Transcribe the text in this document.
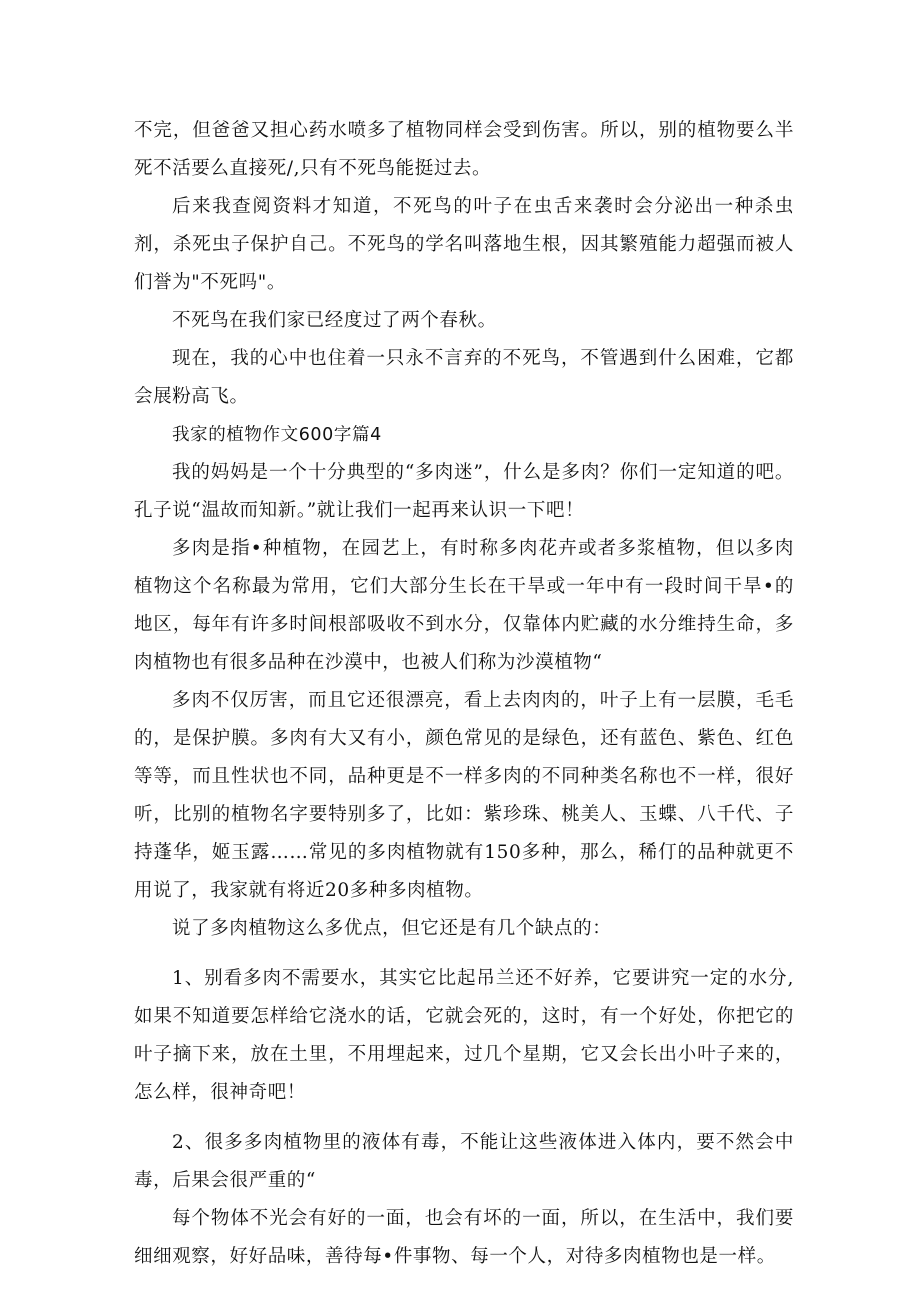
不完，但爸爸又担心药水喷多了植物同样会受到伤害。所以，别的植物要么半死不活要么直接死/,只有不死鸟能挺过去。

后来我查阅资料才知道，不死鸟的叶子在虫舌来袭时会分泌出一种杀虫剂，杀死虫子保护自己。不死鸟的学名叫落地生根，因其繁殖能力超强而被人们誉为"不死吗"。

不死鸟在我们家已经度过了两个春秋。

现在，我的心中也住着一只永不言弃的不死鸟，不管遇到什么困难，它都会展粉高飞。

我家的植物作文600字篇4

我的妈妈是一个十分典型的“多肉迷”，什么是多肉？你们一定知道的吧。孔子说“温故而知新。”就让我们一起再来认识一下吧！

多肉是指•种植物，在园艺上，有时称多肉花卉或者多浆植物，但以多肉植物这个名称最为常用，它们大部分生长在干旱或一年中有一段时间干旱•的地区，每年有许多时间根部吸收不到水分，仅靠体内贮藏的水分维持生命，多肉植物也有很多品种在沙漠中，也被人们称为沙漠植物“

多肉不仅厉害，而且它还很漂亮，看上去肉肉的，叶子上有一层膜，毛毛的，是保护膜。多肉有大又有小，颜色常见的是绿色，还有蓝色、紫色、红色等等，而且性状也不同，品种更是不一样多肉的不同种类名称也不一样，很好听，比别的植物名字要特别多了，比如：紫珍珠、桃美人、玉蝶、八千代、子持蓬华，姬玉露……常见的多肉植物就有150多种，那么，稀仃的品种就更不用说了，我家就有将近20多种多肉植物。

说了多肉植物这么多优点，但它还是有几个缺点的：

1、别看多肉不需要水，其实它比起吊兰还不好养，它要讲究一定的水分,如果不知道要怎样给它浇水的话，它就会死的，这时，有一个好处，你把它的叶子摘下来，放在土里，不用埋起来，过几个星期，它又会长出小叶子来的，怎么样，很神奇吧！

2、很多多肉植物里的液体有毒，不能让这些液体进入体内，要不然会中毒，后果会很严重的“

每个物体不光会有好的一面，也会有坏的一面，所以，在生活中，我们要细细观察，好好品味，善待每•件事物、每一个人，对待多肉植物也是一样。
